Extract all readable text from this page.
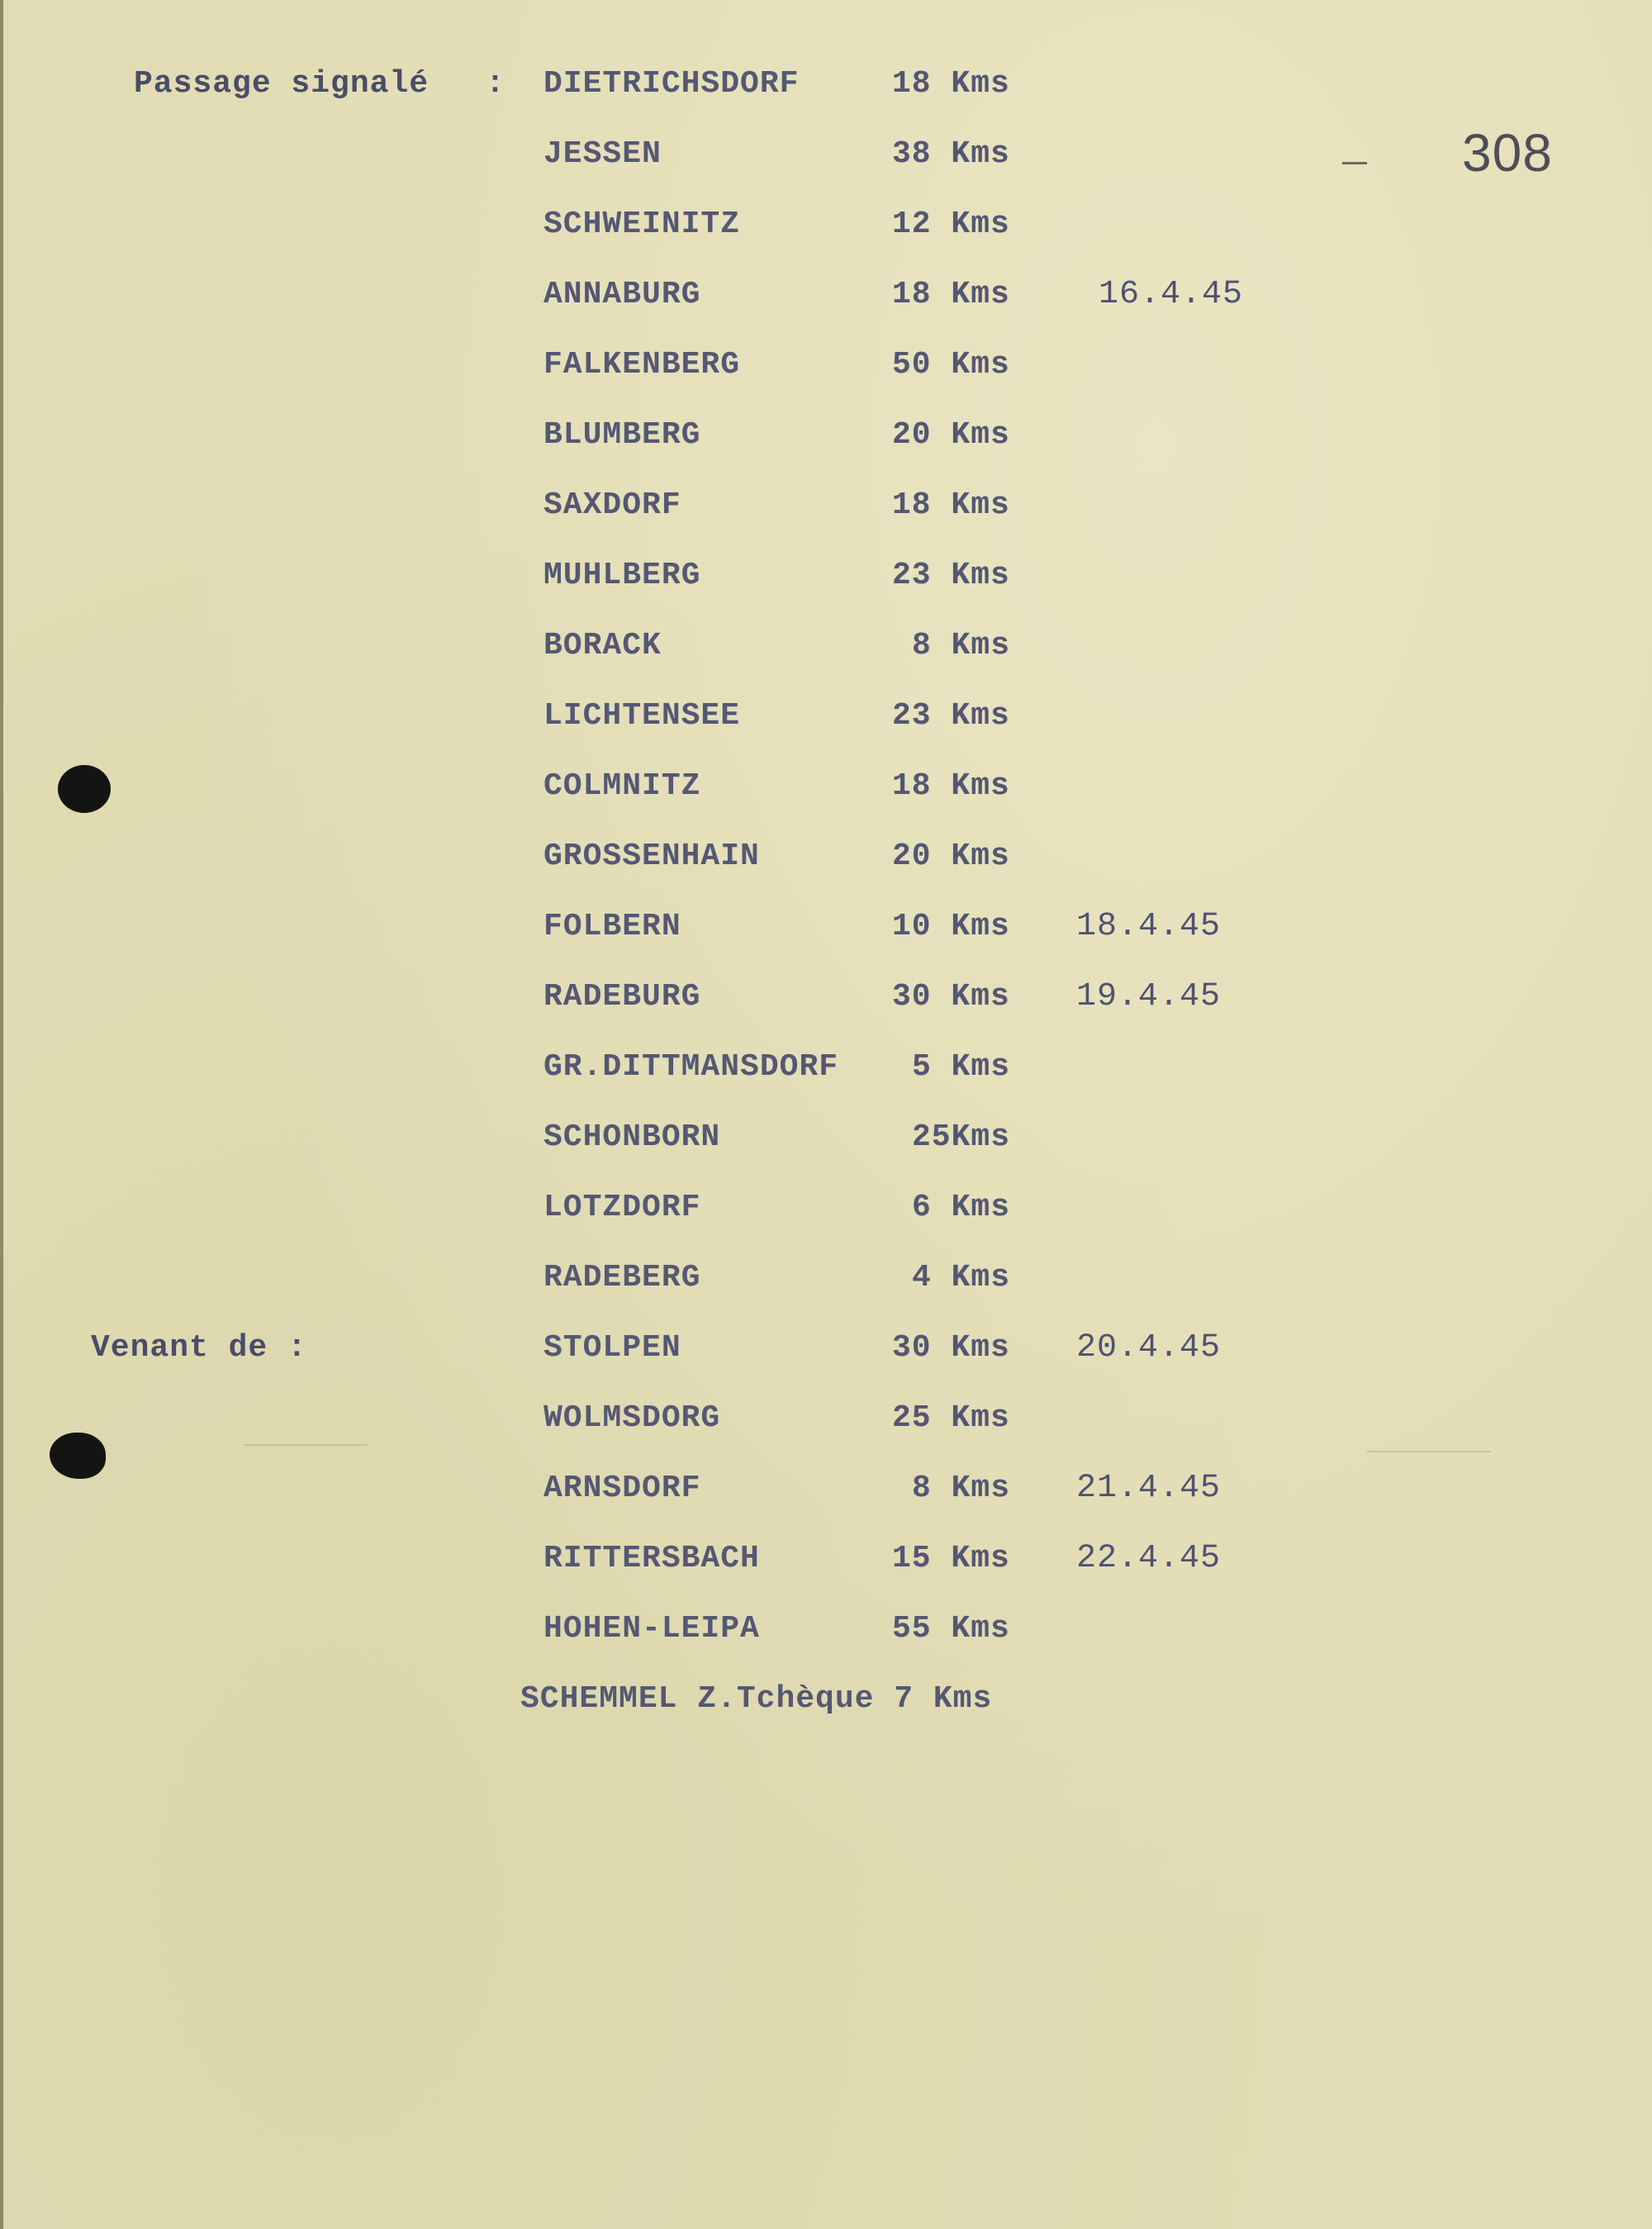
308
Passage signalé :
Venant de :
DIETRICHSDORF	18 Kms
JESSEN	38 Kms
SCHWEINITZ	12 Kms
ANNABURG	18 Kms	16.4.45
FALKENBERG	50 Kms
BLUMBERG	20 Kms
SAXDORF	18 Kms
MUHLBERG	23 Kms
BORACK	8 Kms
LICHTENSEE	23 Kms
COLMNITZ	18 Kms
GROSSENHAIN	20 Kms
FOLBERN	10 Kms 18.4.45
RADEBURG	30 Kms 19.4.45
GR.DITTMANSDORF 5 Kms
SCHONBORN	25Kms
LOTZDORF	6 Kms
RADEBERG	4 Kms
STOLPEN	30 Kms 20.4.45
WOLMSDORG	25 Kms
ARNSDORF	8 Kms	21.4.45
RITTERSBACH	15 Kms 22.4.45
HOHEN-LEIPA	55 Kms
SCHEMMEL Z.Tchèque 7 Kms
